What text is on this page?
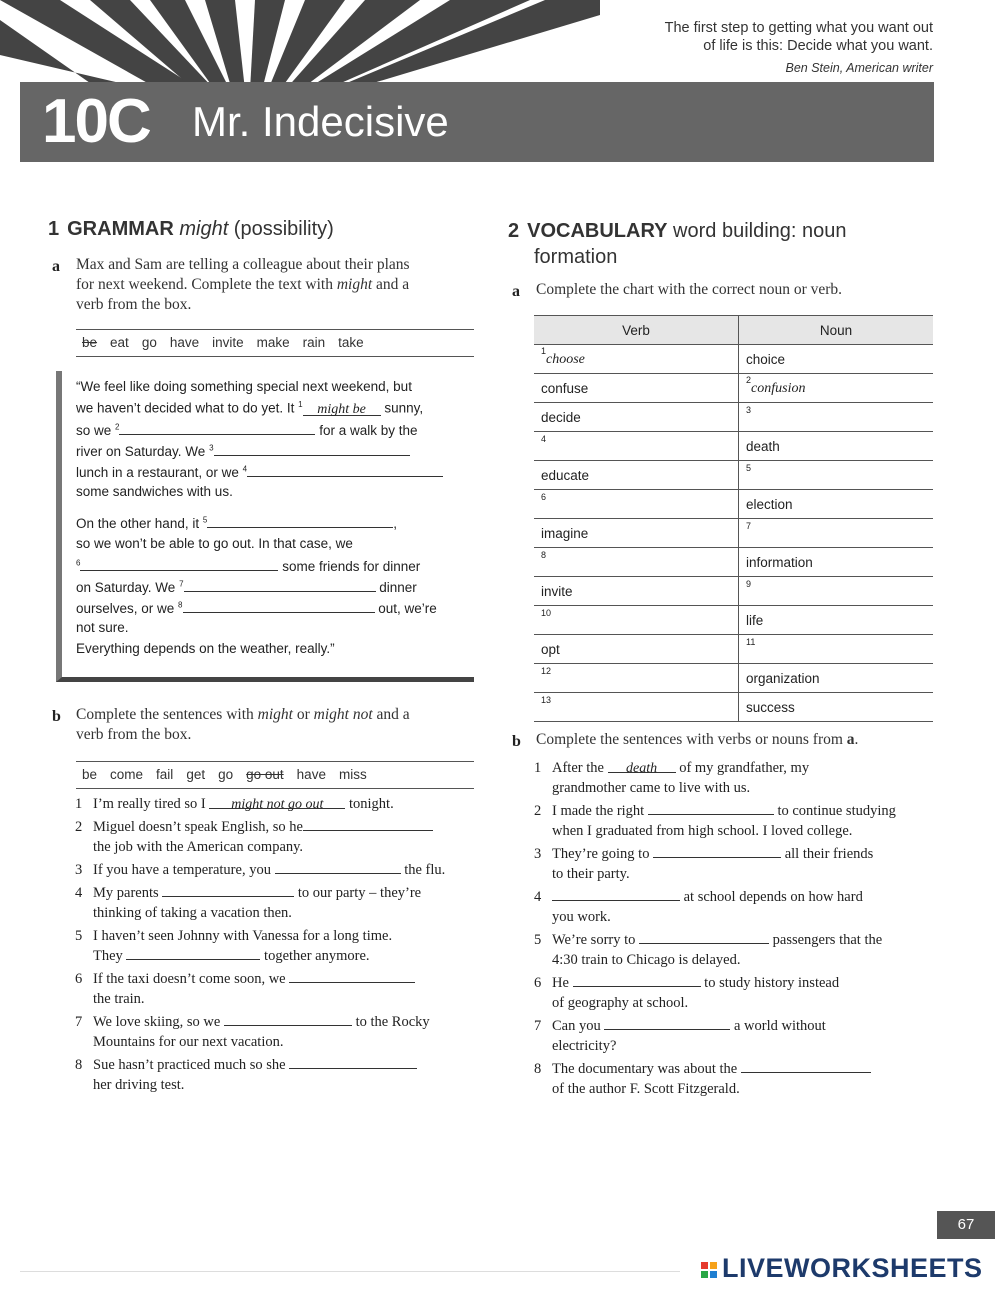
The first step to getting what you want out
of life is this: Decide what you want.
Ben Stein, American writer
10C Mr. Indecisive
1 GRAMMAR might (possibility)
a Max and Sam are telling a colleague about their plans
for next weekend. Complete the text with might and a
verb from the box.
be eat go have invite make rain take
“We feel like doing something special next weekend, but
we haven’t decided what to do yet. It $^1$ might be sunny,
so we $^2$	for a walk by the
river on Saturday. We $^3$
lunch in a restaurant, or we $^4$
some sandwiches with us.
On the other hand, it $^5$	,
so we won’t be able to go out. In that case, we
$^6$	some friends for dinner
on Saturday. We $^7$	dinner
ourselves, or we $^8$	out, we’re
not sure.
Everything depends on the weather, really.”
b Complete the sentences with might or might not and a
verb from the box.
be come fail get go go out have miss
1 I’m really tired so I might not go out tonight.
2 Miguel doesn’t speak English, so he
the job with the American company.
3 If you have a temperature, you	the flu.
4 My parents	to our party – they’re
thinking of taking a vacation then.
5 I haven’t seen Johnny with Vanessa for a long time.
They	together anymore.
6 If the taxi doesn’t come soon, we
the train.
7 We love skiing, so we	to the Rocky
Mountains for our next vacation.
8 Sue hasn’t practiced much so she
her driving test.
2 VOCABULARY word building: noun
formation
a Complete the chart with the correct noun or verb.
Verb	Noun
$^1$choose	choice
confuse	$^2$confusion
decide	$^3$
$^4$	death
educate	$^5$
$^6$	election
imagine	$^7$
$^8$	information
invite	$^9$
$^{10}$	life
opt	$^{11}$
$^{12}$	organization
$^{13}$	success
b Complete the sentences with verbs or nouns from a.
1 After the death of my grandfather, my
grandmother came to live with us.
2 I made the right	to continue studying
when I graduated from high school. I loved college.
3 They’re going to	all their friends
to their party.
4	at school depends on how hard
you work.
5 We’re sorry to	passengers that the
4:30 train to Chicago is delayed.
6 He	to study history instead
of geography at school.
7 Can you	a world without
electricity?
8 The documentary was about the
of the author F. Scott Fitzgerald.
67
LIVEWORKSHEETS
